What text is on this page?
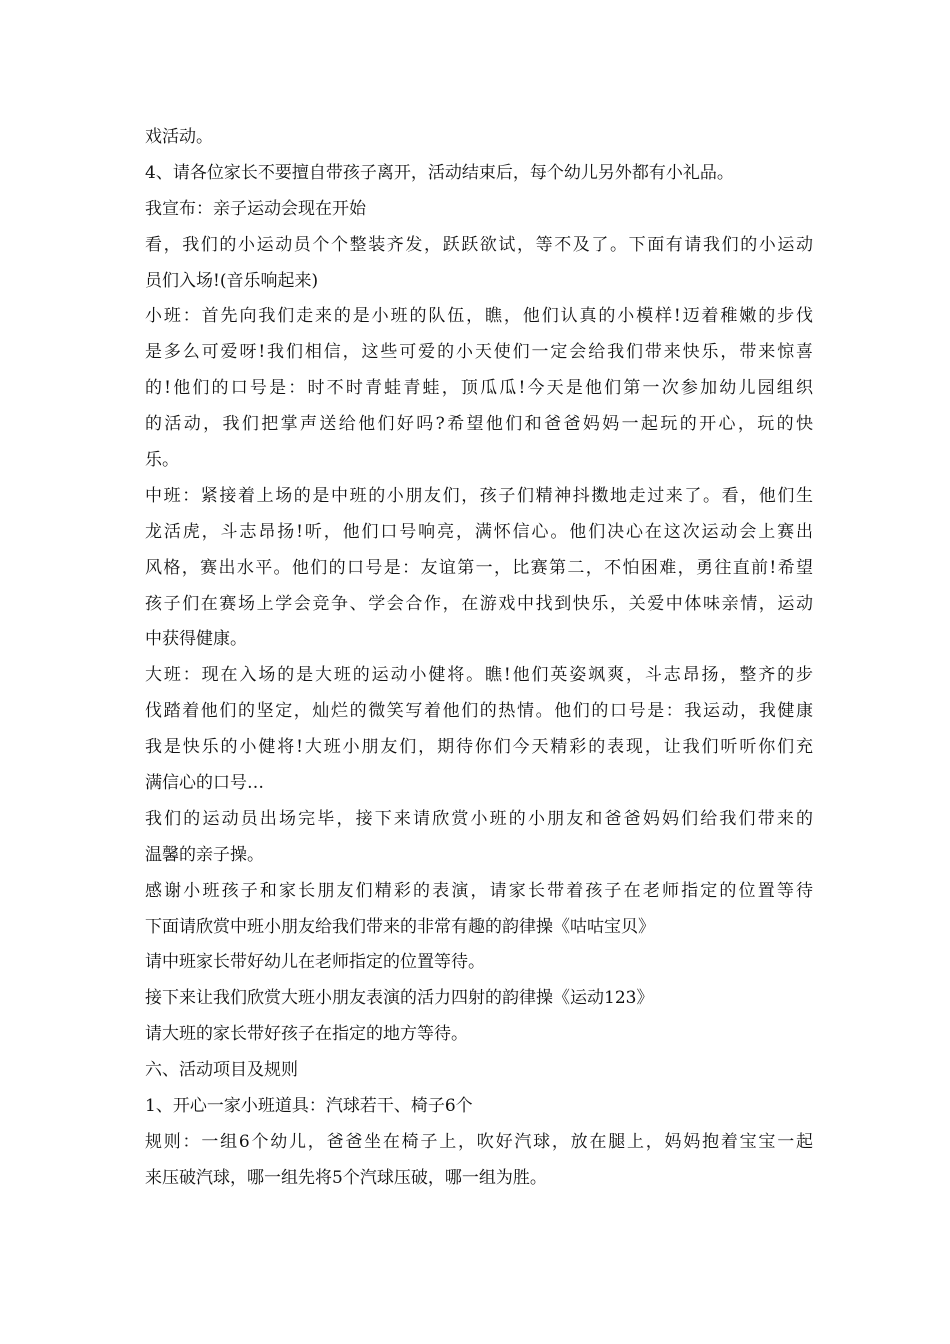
戏活动。
4、请各位家长不要擅自带孩子离开，活动结束后，每个幼儿另外都有小礼品。
我宣布：亲子运动会现在开始
看，我们的小运动员个个整装齐发，跃跃欲试，等不及了。下面有请我们的小运动
员们入场!(音乐响起来)
小班：首先向我们走来的是小班的队伍，瞧，他们认真的小模样!迈着稚嫩的步伐
是多么可爱呀!我们相信，这些可爱的小天使们一定会给我们带来快乐，带来惊喜
的!他们的口号是：时不时青蛙青蛙，顶瓜瓜!今天是他们第一次参加幼儿园组织
的活动，我们把掌声送给他们好吗?希望他们和爸爸妈妈一起玩的开心，玩的快
乐。
中班：紧接着上场的是中班的小朋友们，孩子们精神抖擞地走过来了。看，他们生
龙活虎，斗志昂扬!听，他们口号响亮，满怀信心。他们决心在这次运动会上赛出
风格，赛出水平。他们的口号是：友谊第一，比赛第二，不怕困难，勇往直前!希望
孩子们在赛场上学会竞争、学会合作，在游戏中找到快乐，关爱中体味亲情，运动
中获得健康。
大班：现在入场的是大班的运动小健将。瞧!他们英姿飒爽，斗志昂扬，整齐的步
伐踏着他们的坚定，灿烂的微笑写着他们的热情。他们的口号是：我运动，我健康
我是快乐的小健将!大班小朋友们，期待你们今天精彩的表现，让我们听听你们充
满信心的口号…
我们的运动员出场完毕，接下来请欣赏小班的小朋友和爸爸妈妈们给我们带来的
温馨的亲子操。
感谢小班孩子和家长朋友们精彩的表演，请家长带着孩子在老师指定的位置等待
下面请欣赏中班小朋友给我们带来的非常有趣的韵律操《咕咕宝贝》
请中班家长带好幼儿在老师指定的位置等待。
接下来让我们欣赏大班小朋友表演的活力四射的韵律操《运动123》
请大班的家长带好孩子在指定的地方等待。
六、活动项目及规则
1、开心一家小班道具：汽球若干、椅子6个
规则：一组6个幼儿，爸爸坐在椅子上，吹好汽球，放在腿上，妈妈抱着宝宝一起
来压破汽球，哪一组先将5个汽球压破，哪一组为胜。
